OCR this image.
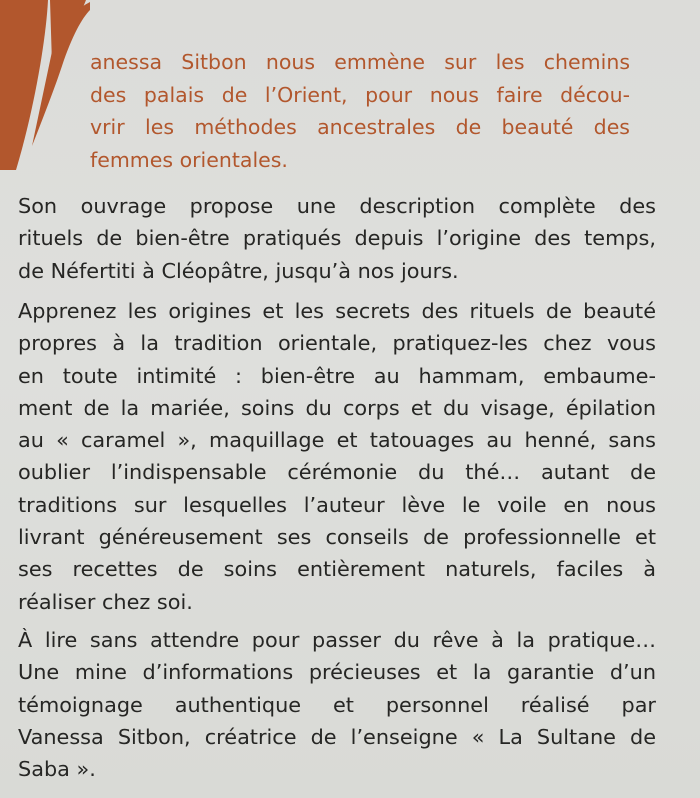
anessa Sitbon nous emmène sur les chemins
des palais de l’Orient, pour nous faire décou-
vrir les méthodes ancestrales de beauté des
femmes orientales.
Son ouvrage propose une description complète des
rituels de bien-être pratiqués depuis l’origine des temps,
de Néfertiti à Cléopâtre, jusqu’à nos jours.
Apprenez les origines et les secrets des rituels de beauté
propres à la tradition orientale, pratiquez-les chez vous
en toute intimité : bien-être au hammam, embaume-
ment de la mariée, soins du corps et du visage, épilation
au « caramel », maquillage et tatouages au henné, sans
oublier l’indispensable cérémonie du thé… autant de
traditions sur lesquelles l’auteur lève le voile en nous
livrant généreusement ses conseils de professionnelle et
ses recettes de soins entièrement naturels, faciles à
réaliser chez soi.
À lire sans attendre pour passer du rêve à la pratique…
Une mine d’informations précieuses et la garantie d’un
témoignage authentique et personnel réalisé par
Vanessa Sitbon, créatrice de l’enseigne « La Sultane de
Saba ».
